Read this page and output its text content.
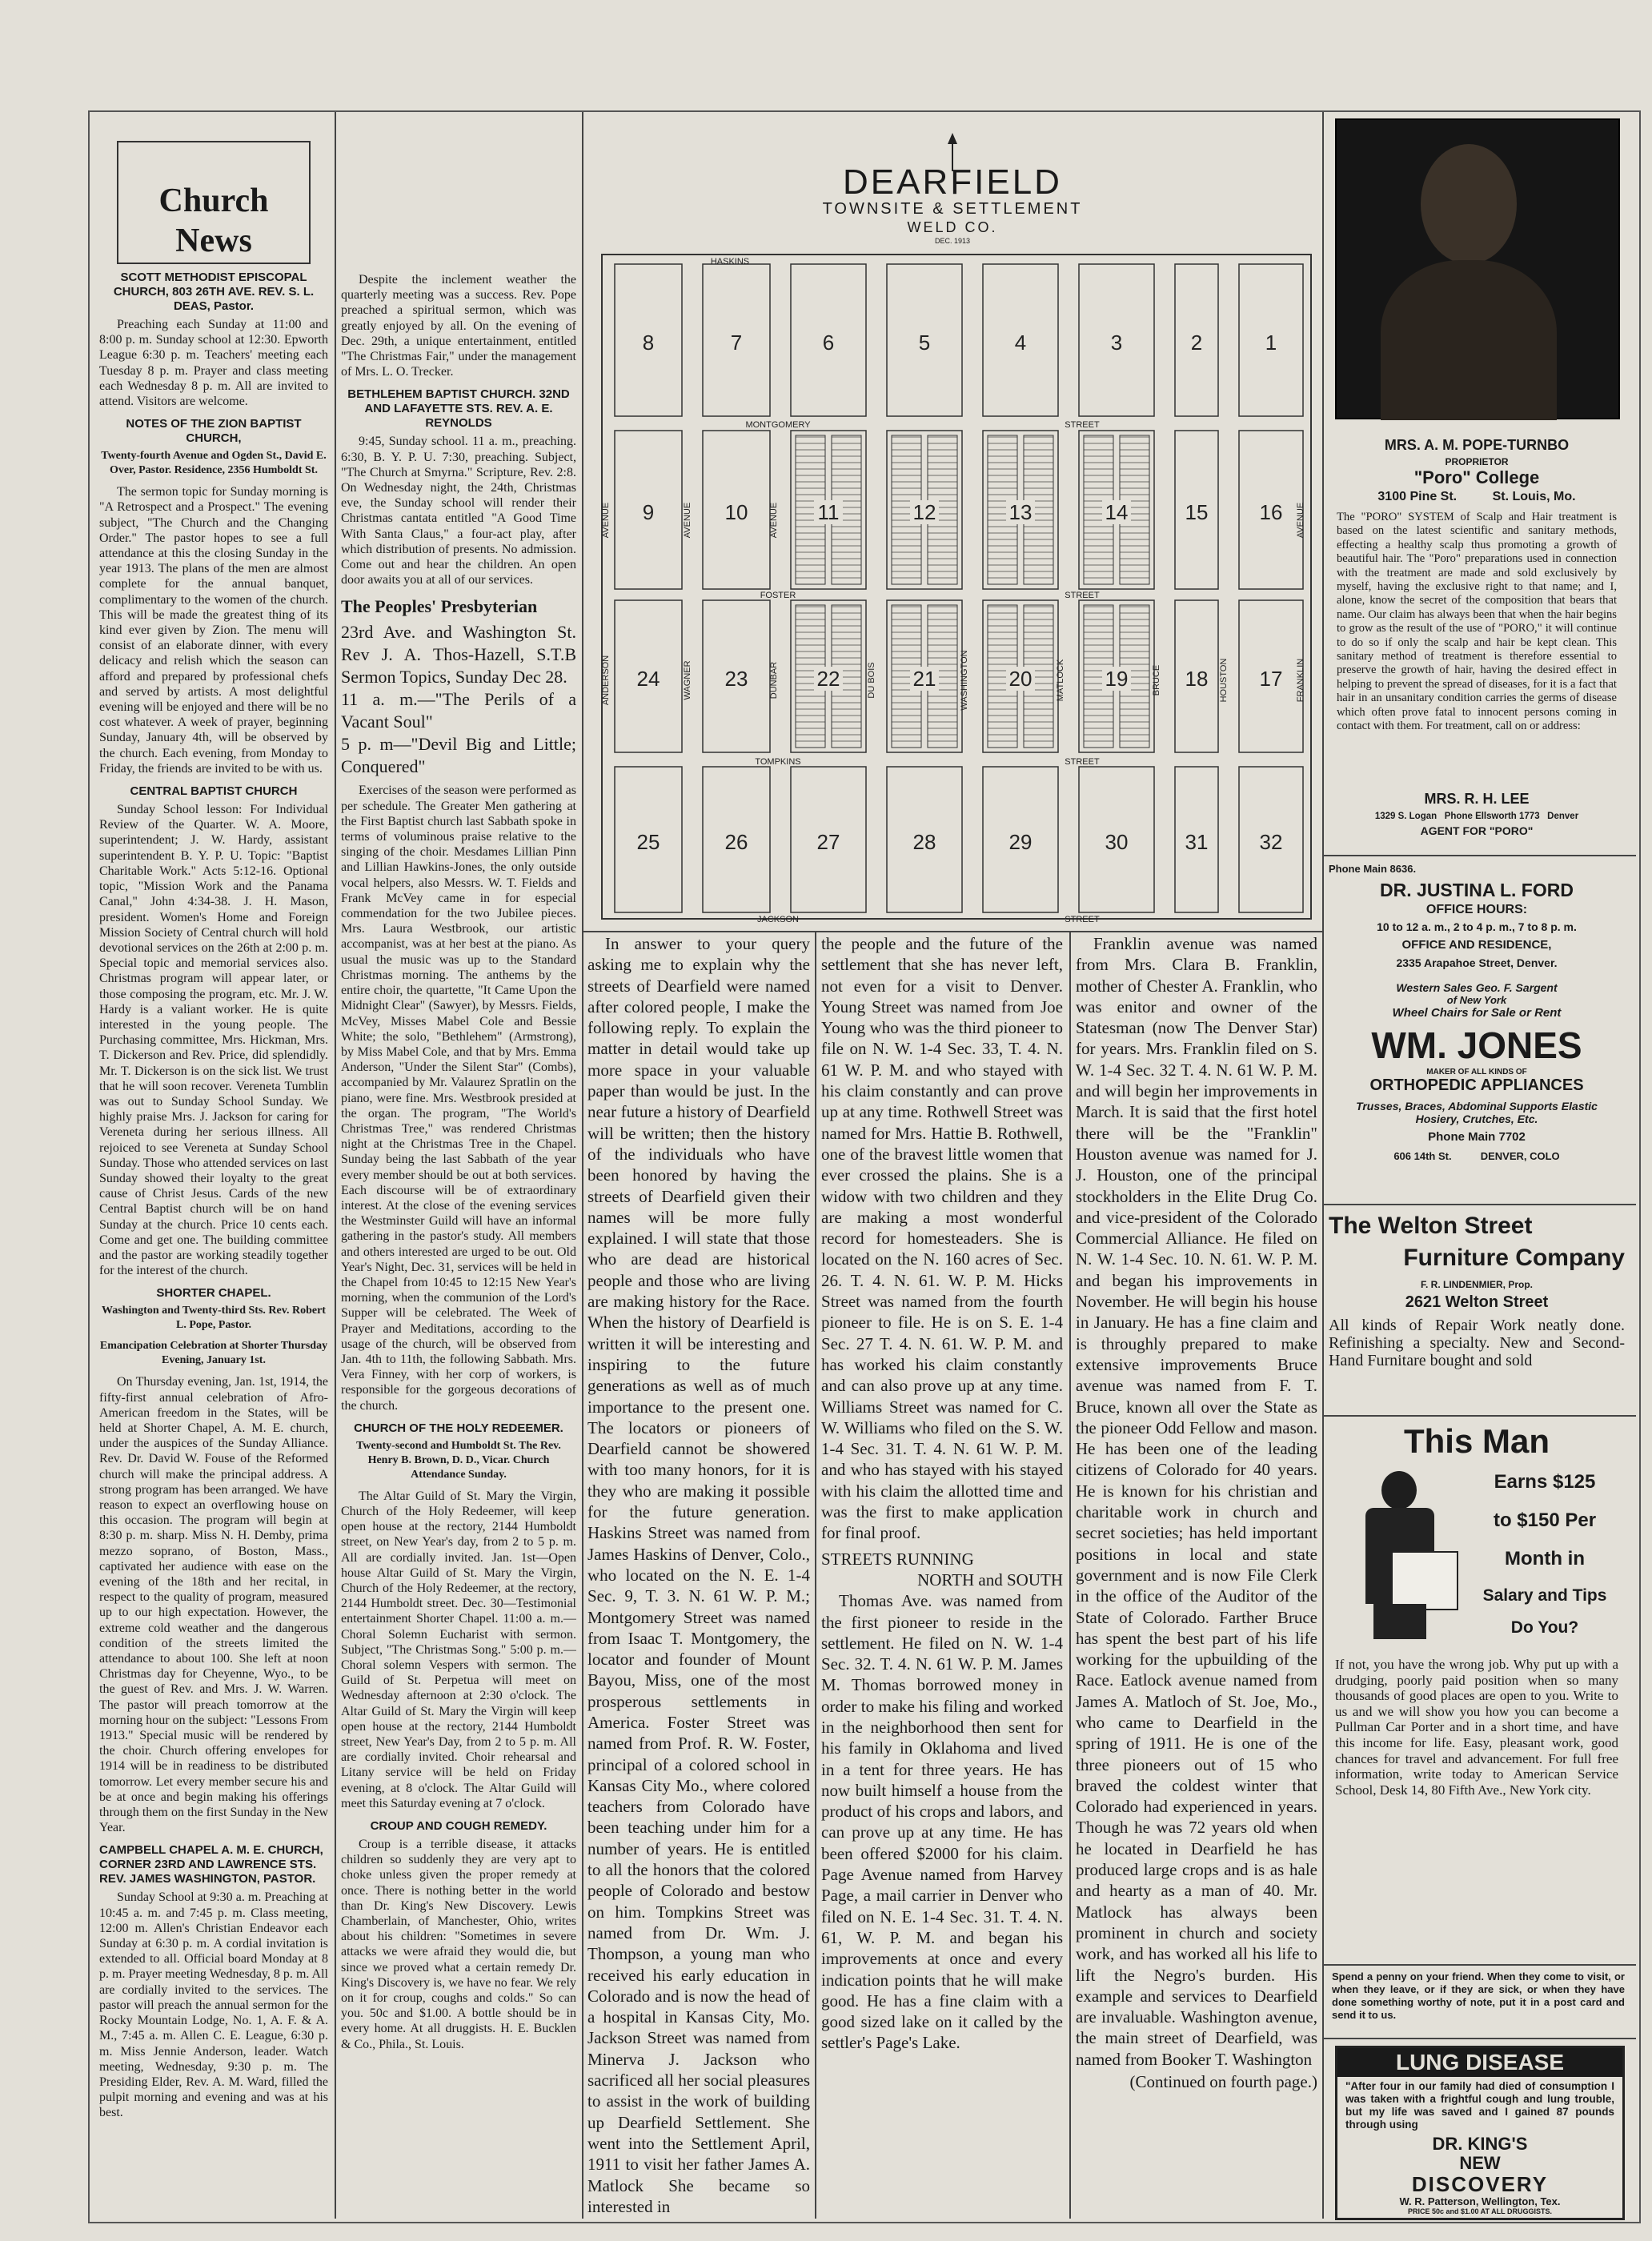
Church News
SCOTT METHODIST EPISCOPAL CHURCH, 803 26TH AVE. REV. S. L. DEAS, Pastor.

Preaching each Sunday at 11:00 and 8:00 p. m. Sunday school at 12:30. Epworth League 6:30 p. m. Teachers' meeting each Tuesday 8 p. m. Prayer and class meeting each Wednesday 8 p. m. All are invited to attend. Visitors are welcome.

NOTES OF THE ZION BAPTIST CHURCH,
Twenty-fourth Avenue and Ogden St., David E. Over, Pastor. Residence, 2356 Humboldt St.

The sermon topic for Sunday morning is "A Retrospect and a Prospect." The evening subject, "The Church and the Changing Order." The pastor hopes to see a full attendance at this the closing Sunday in the year 1913. The plans of the men are almost complete for the annual banquet, complimentary to the women of the church. This will be made the greatest thing of its kind ever given by Zion. The menu will consist of an elaborate dinner, with every delicacy and relish which the season can afford and prepared by professional chefs and served by artists. A most delightful evening will be enjoyed and there will be no cost whatever. A week of prayer, beginning Sunday, January 4th, will be observed by the church. Each evening, from Monday to Friday, the friends are invited to be with us.

CENTRAL BAPTIST CHURCH

Sunday School lesson: For Individual Review of the Quarter. W. A. Moore, superintendent; J. W. Hardy, assistant superintendent B. Y. P. U. Topic: "Baptist Charitable Work." Acts 5:12-16. Optional topic, "Mission Work and the Panama Canal," John 4:34-38. J. H. Mason, president. Women's Home and Foreign Mission Society of Central church will hold devotional services on the 26th at 2:00 p. m. Special topic and memorial services also. Christmas program will appear later, or those composing the program, etc. Mr. J. W. Hardy is a valiant worker. He is quite interested in the young people. The Purchasing committee, Mrs. Hickman, Mrs. T. Dickerson and Rev. Price, did splendidly. Mr. T. Dickerson is on the sick list. We trust that he will soon recover. Vereneta Tumblin was out to Sunday School Sunday. We highly praise Mrs. J. Jackson for caring for Vereneta during her serious illness. All rejoiced to see Vereneta at Sunday School Sunday. Those who attended services on last Sunday showed their loyalty to the great cause of Christ Jesus. Cards of the new Central Baptist church will be on hand Sunday at the church. Price 10 cents each. Come and get one. The building committee and the pastor are working steadily together for the interest of the church.

SHORTER CHAPEL.
Washington and Twenty-third Sts. Rev. Robert L. Pope, Pastor.
Emancipation Celebration at Shorter Thursday Evening, January 1st.

On Thursday evening, Jan. 1st, 1914, the fifty-first annual celebration of Afro-American freedom in the States, will be held at Shorter Chapel, A. M. E. church, under the auspices of the Sunday Alliance. Rev. Dr. David W. Fouse of the Reformed church will make the principal address. A strong program has been arranged. We have reason to expect an overflowing house on this occasion. The program will begin at 8:30 p. m. sharp. Miss N. H. Demby, prima mezzo soprano, of Boston, Mass., captivated her audience with ease on the evening of the 18th and her recital, in respect to the quality of program, measured up to our high expectation. However, the extreme cold weather and the dangerous condition of the streets limited the attendance to about 100. She left at noon Christmas day for Cheyenne, Wyo., to be the guest of Rev. and Mrs. J. W. Warren. The pastor will preach tomorrow at the morning hour on the subject: "Lessons From 1913." Special music will be rendered by the choir. Church offering envelopes for 1914 will be in readiness to be distributed tomorrow. Let every member secure his and be at once and begin making his offerings through them on the first Sunday in the New Year.

CAMPBELL CHAPEL A. M. E. CHURCH, CORNER 23RD AND LAWRENCE STS. REV. JAMES WASHINGTON, PASTOR.

Sunday School at 9:30 a. m. Preaching at 10:45 a. m. and 7:45 p. m. Class meeting, 12:00 m. Allen's Christian Endeavor each Sunday at 6:30 p. m. A cordial invitation is extended to all. Official board Monday at 8 p. m. Prayer meeting Wednesday, 8 p. m. All are cordially invited to the services. The pastor will preach the annual sermon for the Rocky Mountain Lodge, No. 1, A. F. & A. M., 7:45 a. m. Allen C. E. League, 6:30 p. m. Miss Jennie Anderson, leader. Watch meeting, Wednesday, 9:30 p. m. The Presiding Elder, Rev. A. M. Ward, filled the pulpit morning and evening and was at his best.

Despite the inclement weather the quarterly meeting was a success. Rev. Pope preached a spiritual sermon, which was greatly enjoyed by all. On the evening of Dec. 29th, a unique entertainment, entitled "The Christmas Fair," under the management of Mrs. L. O. Trecker.

BETHLEHEM BAPTIST CHURCH. 32ND AND LAFAYETTE STS. REV. A. E. REYNOLDS

9:45, Sunday school. 11 a. m., preaching. 6:30, B. Y. P. U. 7:30, preaching. Subject, "The Church at Smyrna." Scripture, Rev. 2:8. On Wednesday night, the 24th, Christmas eve, the Sunday school will render their Christmas cantata entitled "A Good Time With Santa Claus," a four-act play, after which distribution of presents. No admission. Come out and hear the children. An open door awaits you at all of our services.

The Peoples' Presbyterian
23rd Ave. and Washington St. Rev J. A. Thos-Hazell, S.T.B Sermon Topics, Sunday Dec 28.
11 a. m.—"The Perils of a Vacant Soul"
5 p. m—"Devil Big and Little; Conquered"

Exercises of the season were performed as per schedule. The Greater Men gathering at the First Baptist church last Sabbath spoke in terms of voluminous praise relative to the singing of the choir. Mesdames Lillian Pinn and Lillian Hawkins-Jones, the only outside vocal helpers, also Messrs. W. T. Fields and Frank McVey came in for especial commendation for the two Jubilee pieces. Mrs. Laura Westbrook, our artistic accompanist, was at her best at the piano. As usual the music was up to the Standard Christmas morning. The anthems by the entire choir, the quartette, "It Came Upon the Midnight Clear" (Sawyer), by Messrs. Fields, McVey, Misses Mabel Cole and Bessie White; the solo, "Bethlehem" (Armstrong), by Miss Mabel Cole, and that by Mrs. Emma Anderson, "Under the Silent Star" (Combs), accompanied by Mr. Valaurez Spratlin on the piano, were fine. Mrs. Westbrook presided at the organ. The program, "The World's Christmas Tree," was rendered Christmas night at the Christmas Tree in the Chapel. Sunday being the last Sabbath of the year every member should be out at both services. Each discourse will be of extraordinary interest. At the close of the evening services the Westminster Guild will have an informal gathering in the pastor's study. All members and others interested are urged to be out. Old Year's Night, Dec. 31, services will be held in the Chapel from 10:45 to 12:15 New Year's morning, when the communion of the Lord's Supper will be celebrated. The Week of Prayer and Meditations, according to the usage of the church, will be observed from Jan. 4th to 11th, the following Sabbath. Mrs. Vera Finney, with her corp of workers, is responsible for the gorgeous decorations of the church.

CHURCH OF THE HOLY REDEEMER.
Twenty-second and Humboldt St. The Rev. Henry B. Brown, D. D., Vicar. Church Attendance Sunday.

The Altar Guild of St. Mary the Virgin, Church of the Holy Redeemer, will keep open house at the rectory, 2144 Humboldt street, on New Year's day, from 2 to 5 p. m. All are cordially invited. Jan. 1st—Open house Altar Guild of St. Mary the Virgin, Church of the Holy Redeemer, at the rectory, 2144 Humboldt street. Dec. 30—Testimonial entertainment Shorter Chapel. 11:00 a. m.—Choral Solemn Eucharist with sermon. Subject, "The Christmas Song." 5:00 p. m.—Choral solemn Vespers with sermon. The Guild of St. Perpetua will meet on Wednesday afternoon at 2:30 o'clock. The Altar Guild of St. Mary the Virgin will keep open house at the rectory, 2144 Humboldt street, New Year's Day, from 2 to 5 p. m. All are cordially invited. Choir rehearsal and Litany service will be held on Friday evening, at 8 o'clock. The Altar Guild will meet this Saturday evening at 7 o'clock.

CROUP AND COUGH REMEDY.

Croup is a terrible disease, it attacks children so suddenly they are very apt to choke unless given the proper remedy at once. There is nothing better in the world than Dr. King's New Discovery. Lewis Chamberlain, of Manchester, Ohio, writes about his children: "Sometimes in severe attacks we were afraid they would die, but since we proved what a certain remedy Dr. King's Discovery is, we have no fear. We rely on it for croup, coughs and colds." So can you. 50c and $1.00. A bottle should be in every home. At all druggists. H. E. Bucklen & Co., Phila., St. Louis.

DEARFIELD
TOWNSITE & SETTLEMENT
WELD CO.
DEC. 1913
8	7	6	5	4	3	2	1
9	10	11	12	13	14	15 16
24	23	22	21	20	19	18 17
25	26	27	28	29	30	31 32
HASKINS
MONTGOMERY	STREET
FOSTER	STREET
TOMPKINS	STREET
JACKSON	STREET
AVENUE	AVENUE	AVENUE	AVENUE
ANDERSON	WAGNER	DUNBAR	DU BOIS	WASHINGTON	MATLOCK	BRUCE	HOUSTON	FRANKLIN

In answer to your query asking me to explain why the streets of Dearfield were named after colored people, I make the following reply. To explain the matter in detail would take up more space in your valuable paper than would be just. In the near future a history of Dearfield will be written; then the history of the individuals who have been honored by having the streets of Dearfield given their names will be more fully explained. I will state that those who are dead are historical people and those who are living are making history for the Race. When the history of Dearfield is written it will be interesting and inspiring to the future generations as well as of much importance to the present one. The locators or pioneers of Dearfield cannot be showered with too many honors, for it is they who are making it possible for the future generation. Haskins Street was named from James Haskins of Denver, Colo., who located on the N. E. 1-4 Sec. 9, T. 3. N. 61 W. P. M.; Montgomery Street was named from Isaac T. Montgomery, the locator and founder of Mount Bayou, Miss, one of the most prosperous settlements in America. Foster Street was named from Prof. R. W. Foster, principal of a colored school in Kansas City Mo., where colored teachers from Colorado have been teaching under him for a number of years. He is entitled to all the honors that the colored people of Colorado and bestow on him. Tompkins Street was named from Dr. Wm. J. Thompson, a young man who received his early education in Colorado and is now the head of a hospital in Kansas City, Mo. Jackson Street was named from Minerva J. Jackson who sacrificed all her social pleasures to assist in the work of building up Dearfield Settlement. She went into the Settlement April, 1911 to visit her father James A. Matlock She became so interested in

the people and the future of the settlement that she has never left, not even for a visit to Denver. Young Street was named from Joe Young who was the third pioneer to file on N. W. 1-4 Sec. 33, T. 4. N. 61 W. P. M. and who stayed with his claim constantly and can prove up at any time. Rothwell Street was named for Mrs. Hattie B. Rothwell, one of the bravest little women that ever crossed the plains. She is a widow with two children and they are making a most wonderful record for homesteaders. She is located on the N. 160 acres of Sec. 26. T. 4. N. 61. W. P. M. Hicks Street was named from the fourth pioneer to file. He is on S. E. 1-4 Sec. 27 T. 4. N. 61. W. P. M. and has worked his claim constantly and can also prove up at any time. Williams Street was named for C. W. Williams who filed on the S. W. 1-4 Sec. 31. T. 4. N. 61 W. P. M. and who has stayed with his stayed with his claim the allotted time and was the first to make application for final proof.

STREETS RUNNING
NORTH and SOUTH

Thomas Ave. was named from the first pioneer to reside in the settlement. He filed on N. W. 1-4 Sec. 32. T. 4. N. 61 W. P. M. James M. Thomas borrowed money in order to make his filing and worked in the neighborhood then sent for his family in Oklahoma and lived in a tent for three years. He has now built himself a house from the product of his crops and labors, and can prove up at any time. He has been offered $2000 for his claim. Page Avenue named from Harvey Page, a mail carrier in Denver who filed on N. E. 1-4 Sec. 31. T. 4. N. 61, W. P. M. and began his improvements at once and every indication points that he will make good. He has a fine claim with a good sized lake on it called by the settler's Page's Lake.

Franklin avenue was named from Mrs. Clara B. Franklin, mother of Chester A. Franklin, who was enitor and owner of the Statesman (now The Denver Star) for years. Mrs. Franklin filed on S. W. 1-4 Sec. 32 T. 4. N. 61 W. P. M. and will begin her improvements in March. It is said that the first hotel there will be the "Franklin" Houston avenue was named for J. J. Houston, one of the principal stockholders in the Elite Drug Co. and vice-president of the Colorado Commercial Alliance. He filed on N. W. 1-4 Sec. 10. N. 61. W. P. M. and began his improvements in November. He will begin his house in January. He has a fine claim and is throughly prepared to make extensive improvements Bruce avenue was named from F. T. Bruce, known all over the State as the pioneer Odd Fellow and mason. He has been one of the leading citizens of Colorado for 40 years. He is known for his christian and charitable work in church and secret societies; has held important positions in local and state government and is now File Clerk in the office of the Auditor of the State of Colorado. Farther Bruce has spent the best part of his life working for the upbuilding of the Race. Eatlock avenue named from James A. Matloch of St. Joe, Mo., who came to Dearfield in the spring of 1911. He is one of the three pioneers out of 15 who braved the coldest winter that Colorado had experienced in years. Though he was 72 years old when he located in Dearfield he has produced large crops and is as hale and hearty as a man of 40. Mr. Matlock has always been prominent in church and society work, and has worked all his life to lift the Negro's burden. His example and services to Dearfield are invaluable. Washington avenue, the main street of Dearfield, was named from Booker T. Washington

(Continued on fourth page.)
MRS. A. M. POPE-TURNBO
PROPRIETOR
"Poro" College
3100 Pine St.          St. Louis, Mo.
The "PORO" SYSTEM of Scalp and Hair treatment is based on the latest scientific and sanitary methods, effecting a healthy scalp thus promoting a growth of beautiful hair. The "Poro" preparations used in connection with the treatment are made and sold exclusively by myself, having the exclusive right to that name; and I, alone, know the secret of the composition that bears that name. Our claim has always been that when the hair begins to grow as the result of the use of "PORO," it will continue to do so if only the scalp and hair be kept clean. This sanitary method of treatment is therefore essential to preserve the growth of hair, having the desired effect in helping to prevent the spread of diseases, for it is a fact that hair in an unsanitary condition carries the germs of disease which often prove fatal to innocent persons coming in contact with them. For treatment, call on or address:
1329 S. Logan   Phone Ellsworth 1773   Denver
AGENT FOR "PORO"
MRS. R. H. LEE
Phone Main 8636.
DR. JUSTINA L. FORD
OFFICE HOURS:
10 to 12 a. m., 2 to 4 p. m., 7 to 8 p. m.
OFFICE AND RESIDENCE,
2335 Arapahoe Street, Denver.
Western Sales Geo. F. Sargent
of New York
Wheel Chairs for Sale or Rent
WM. JONES
MAKER OF ALL KINDS OF
ORTHOPEDIC APPLIANCES
Trusses, Braces, Abdominal Supports Elastic Hosiery, Crutches, Etc.
Phone Main 7702
606 14th St.          DENVER, COLO
The Welton Street
Furniture Company
F. R. LINDENMIER, Prop.
2621 Welton Street
All kinds of Repair Work neatly done. Refinishing a specialty. New and Second-Hand Furnitare bought and sold
This Man
Earns $125
to $150 Per
Month in
Salary and Tips
Do You?
If not, you have the wrong job. Why put up with a drudging, poorly paid position when so many thousands of good places are open to you. Write to us and we will show you how you can become a Pullman Car Porter and in a short time, and have this income for life. Easy, pleasant work, good chances for travel and advancement. For full free information, write today to American Service School, Desk 14, 80 Fifth Ave., New York city.
Spend a penny on your friend. When they come to visit, or when they leave, or if they are sick, or when they have done something worthy of note, put it in a post card and send it to us.
LUNG DISEASE
"After four in our family had died of consumption I was taken with a frightful cough and lung trouble, but my life was saved and I gained 87 pounds through using
DR. KING'S
NEW
DISCOVERY
W. R. Patterson, Wellington, Tex.
PRICE 50c and $1.00 AT ALL DRUGGISTS.
